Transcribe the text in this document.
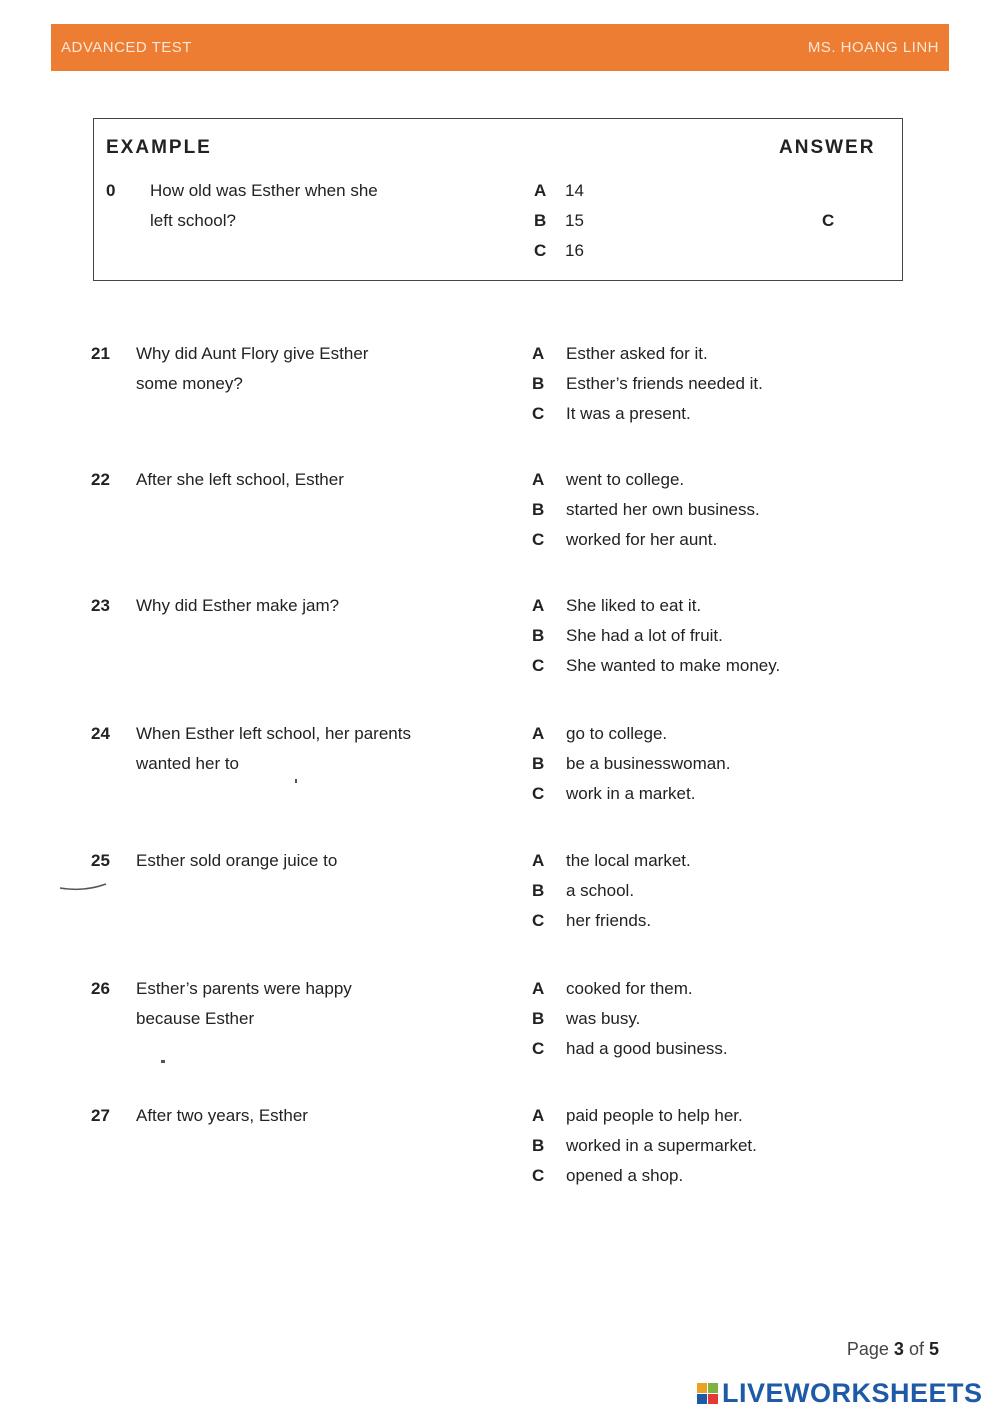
ADVANCED TEST	MS. HOANG LINH
EXAMPLE	ANSWER
0 How old was Esther when she left school?
A 14
B 15
C 16
C
21 Why did Aunt Flory give Esther some money?
A Esther asked for it.
B Esther’s friends needed it.
C It was a present.
22 After she left school, Esther	A went to college.
B started her own business.
C worked for her aunt.
23 Why did Esther make jam?	A She liked to eat it.
B She had a lot of fruit.
C She wanted to make money.
24 When Esther left school, her parents wanted her to
A go to college.
B be a businesswoman.
C work in a market.
25 Esther sold orange juice to	A the local market.
B a school.
C her friends.
26 Esther’s parents were happy because Esther
A cooked for them.
B was busy.
C had a good business.
27 After two years, Esther	A paid people to help her.
B worked in a supermarket.
C opened a shop.
Page 3 of 5
LIVEWORKSHEETS
